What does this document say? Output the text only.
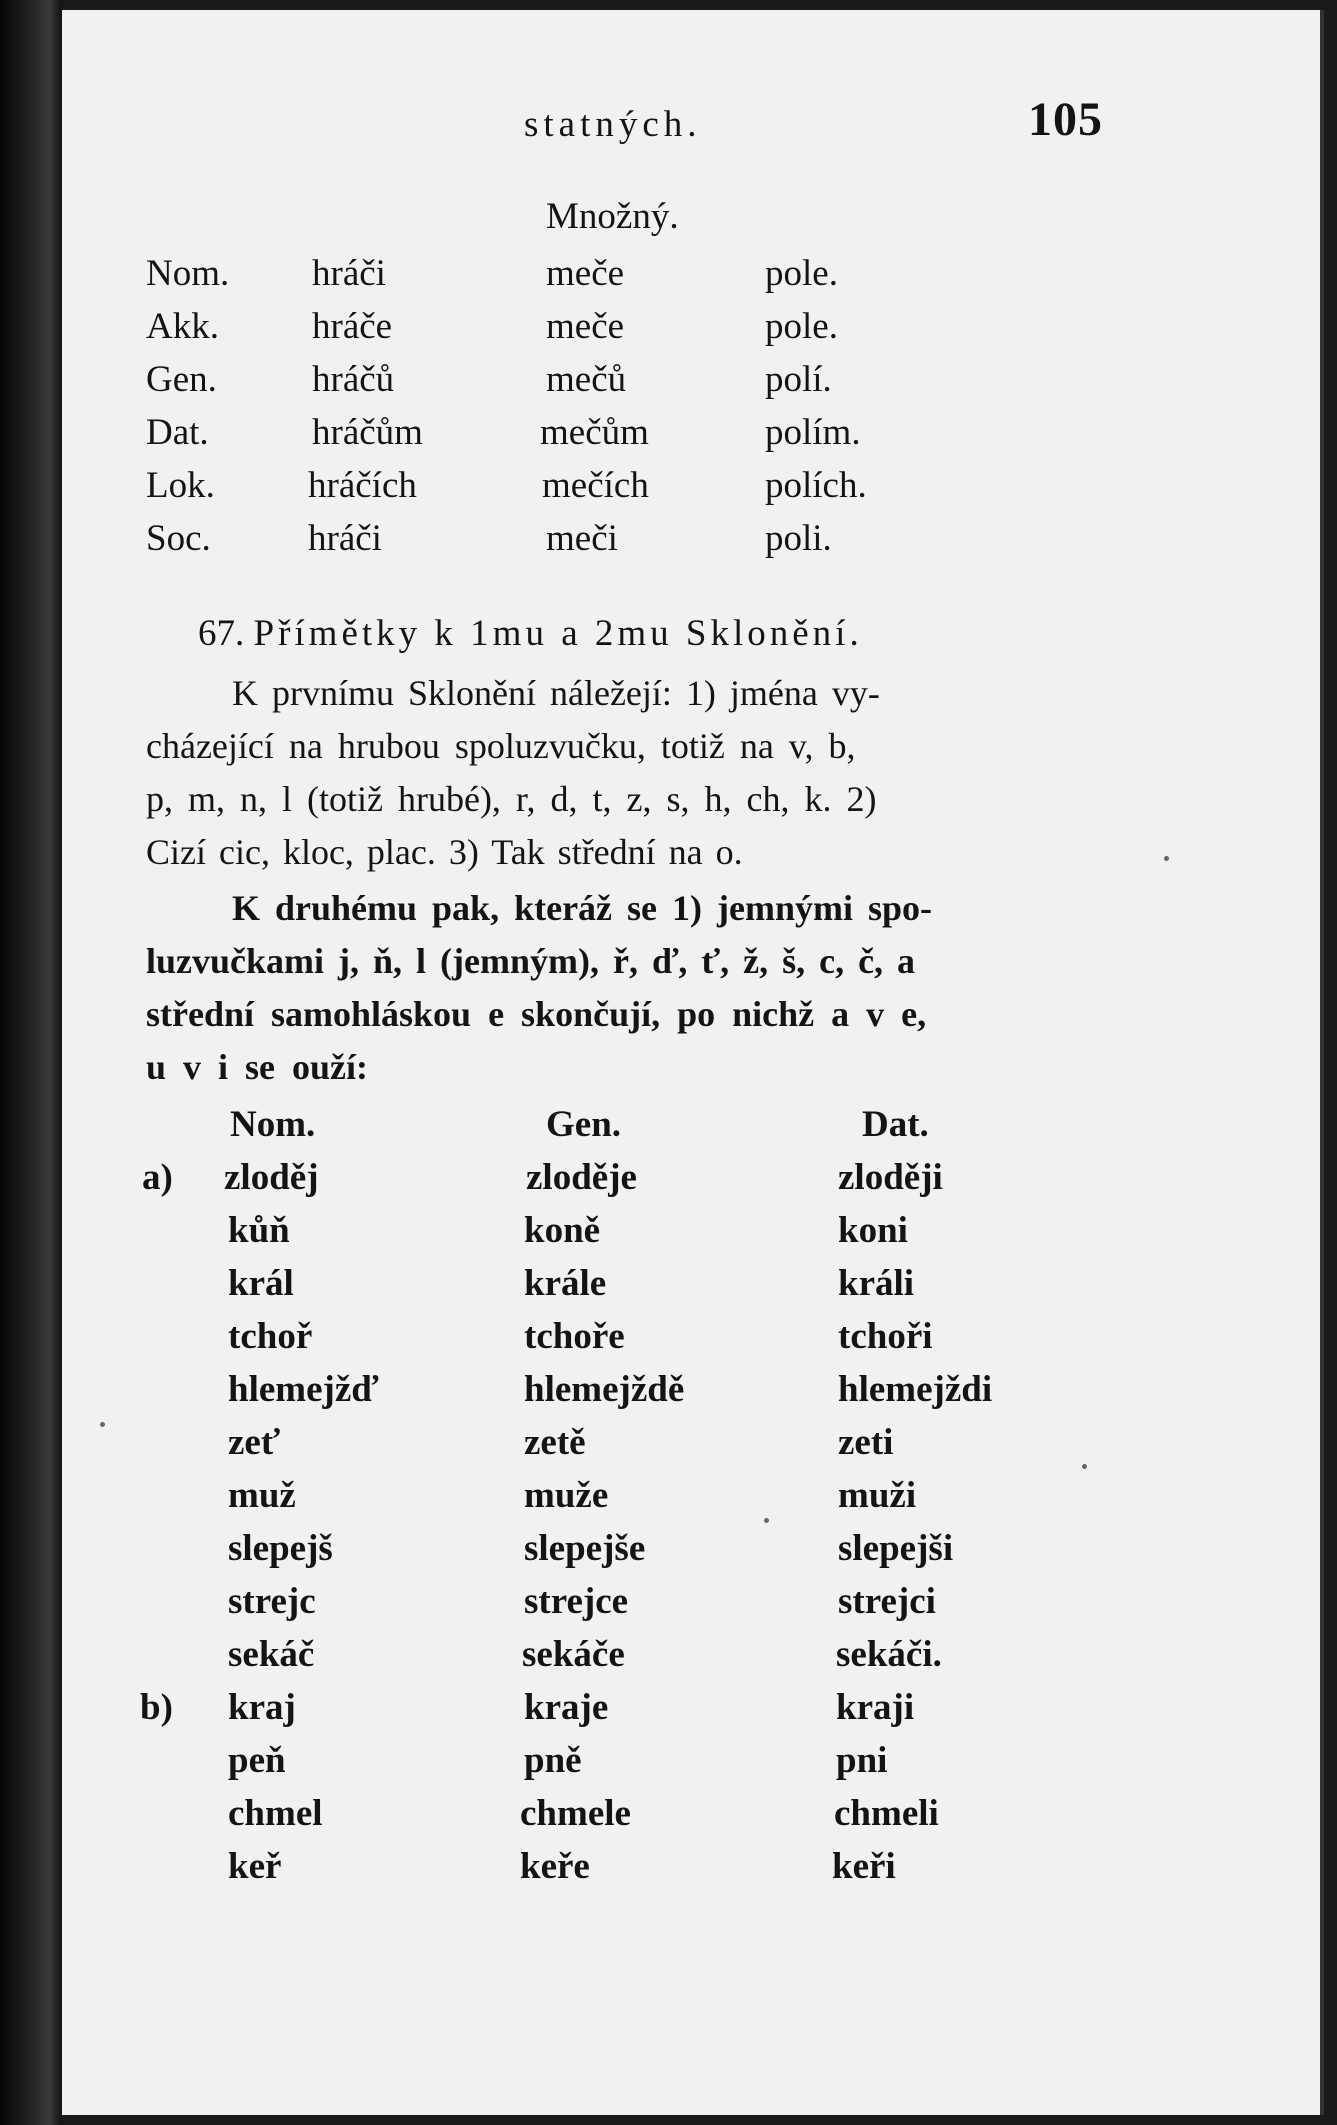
statných.	105
Množný.
Nom. hráči	meče	pole.
Akk.	hráče	meče	pole.
Gen.	hráčů	mečů	polí.
Dat.	hráčům	mečům	polím.
Lok.	hráčích	mečích	polích.
Soc.	hráči	meči	poli.
67. Přímětky k 1mu a 2mu Sklonění.
K prvnímu Sklonění náležejí: 1) jména vy-
cházející na hrubou spoluzvučku, totiž na v, b,
p, m, n, l (totiž hrubé), r, d, t, z, s, h, ch, k. 2)
Cizí cic, kloc, plac. 3) Tak střední na o.
K druhému pak, kteráž se 1) jemnými spo-
luzvučkami j, ň, l (jemným), ř, ď, ť, ž, š, c, č, a
střední samohláskou e skončují, po nichž a v e,
u v i se ouží:
Nom.	Gen.	Dat.
a) zloděj	zloděje	zloději
kůň	koně	koni
král	krále	králi
tchoř	tchoře	tchoři
hlemejžď	hlemejždě	hlemejždi
zeť	zetě	zeti
muž	muže	muži
slepejš	slepejše	slepejši
strejc	strejce	strejci
sekáč	sekáče	sekáči.
b) kraj	kraje	kraji
peň	pně	pni
chmel	chmele	chmeli
keř	keře	keři
